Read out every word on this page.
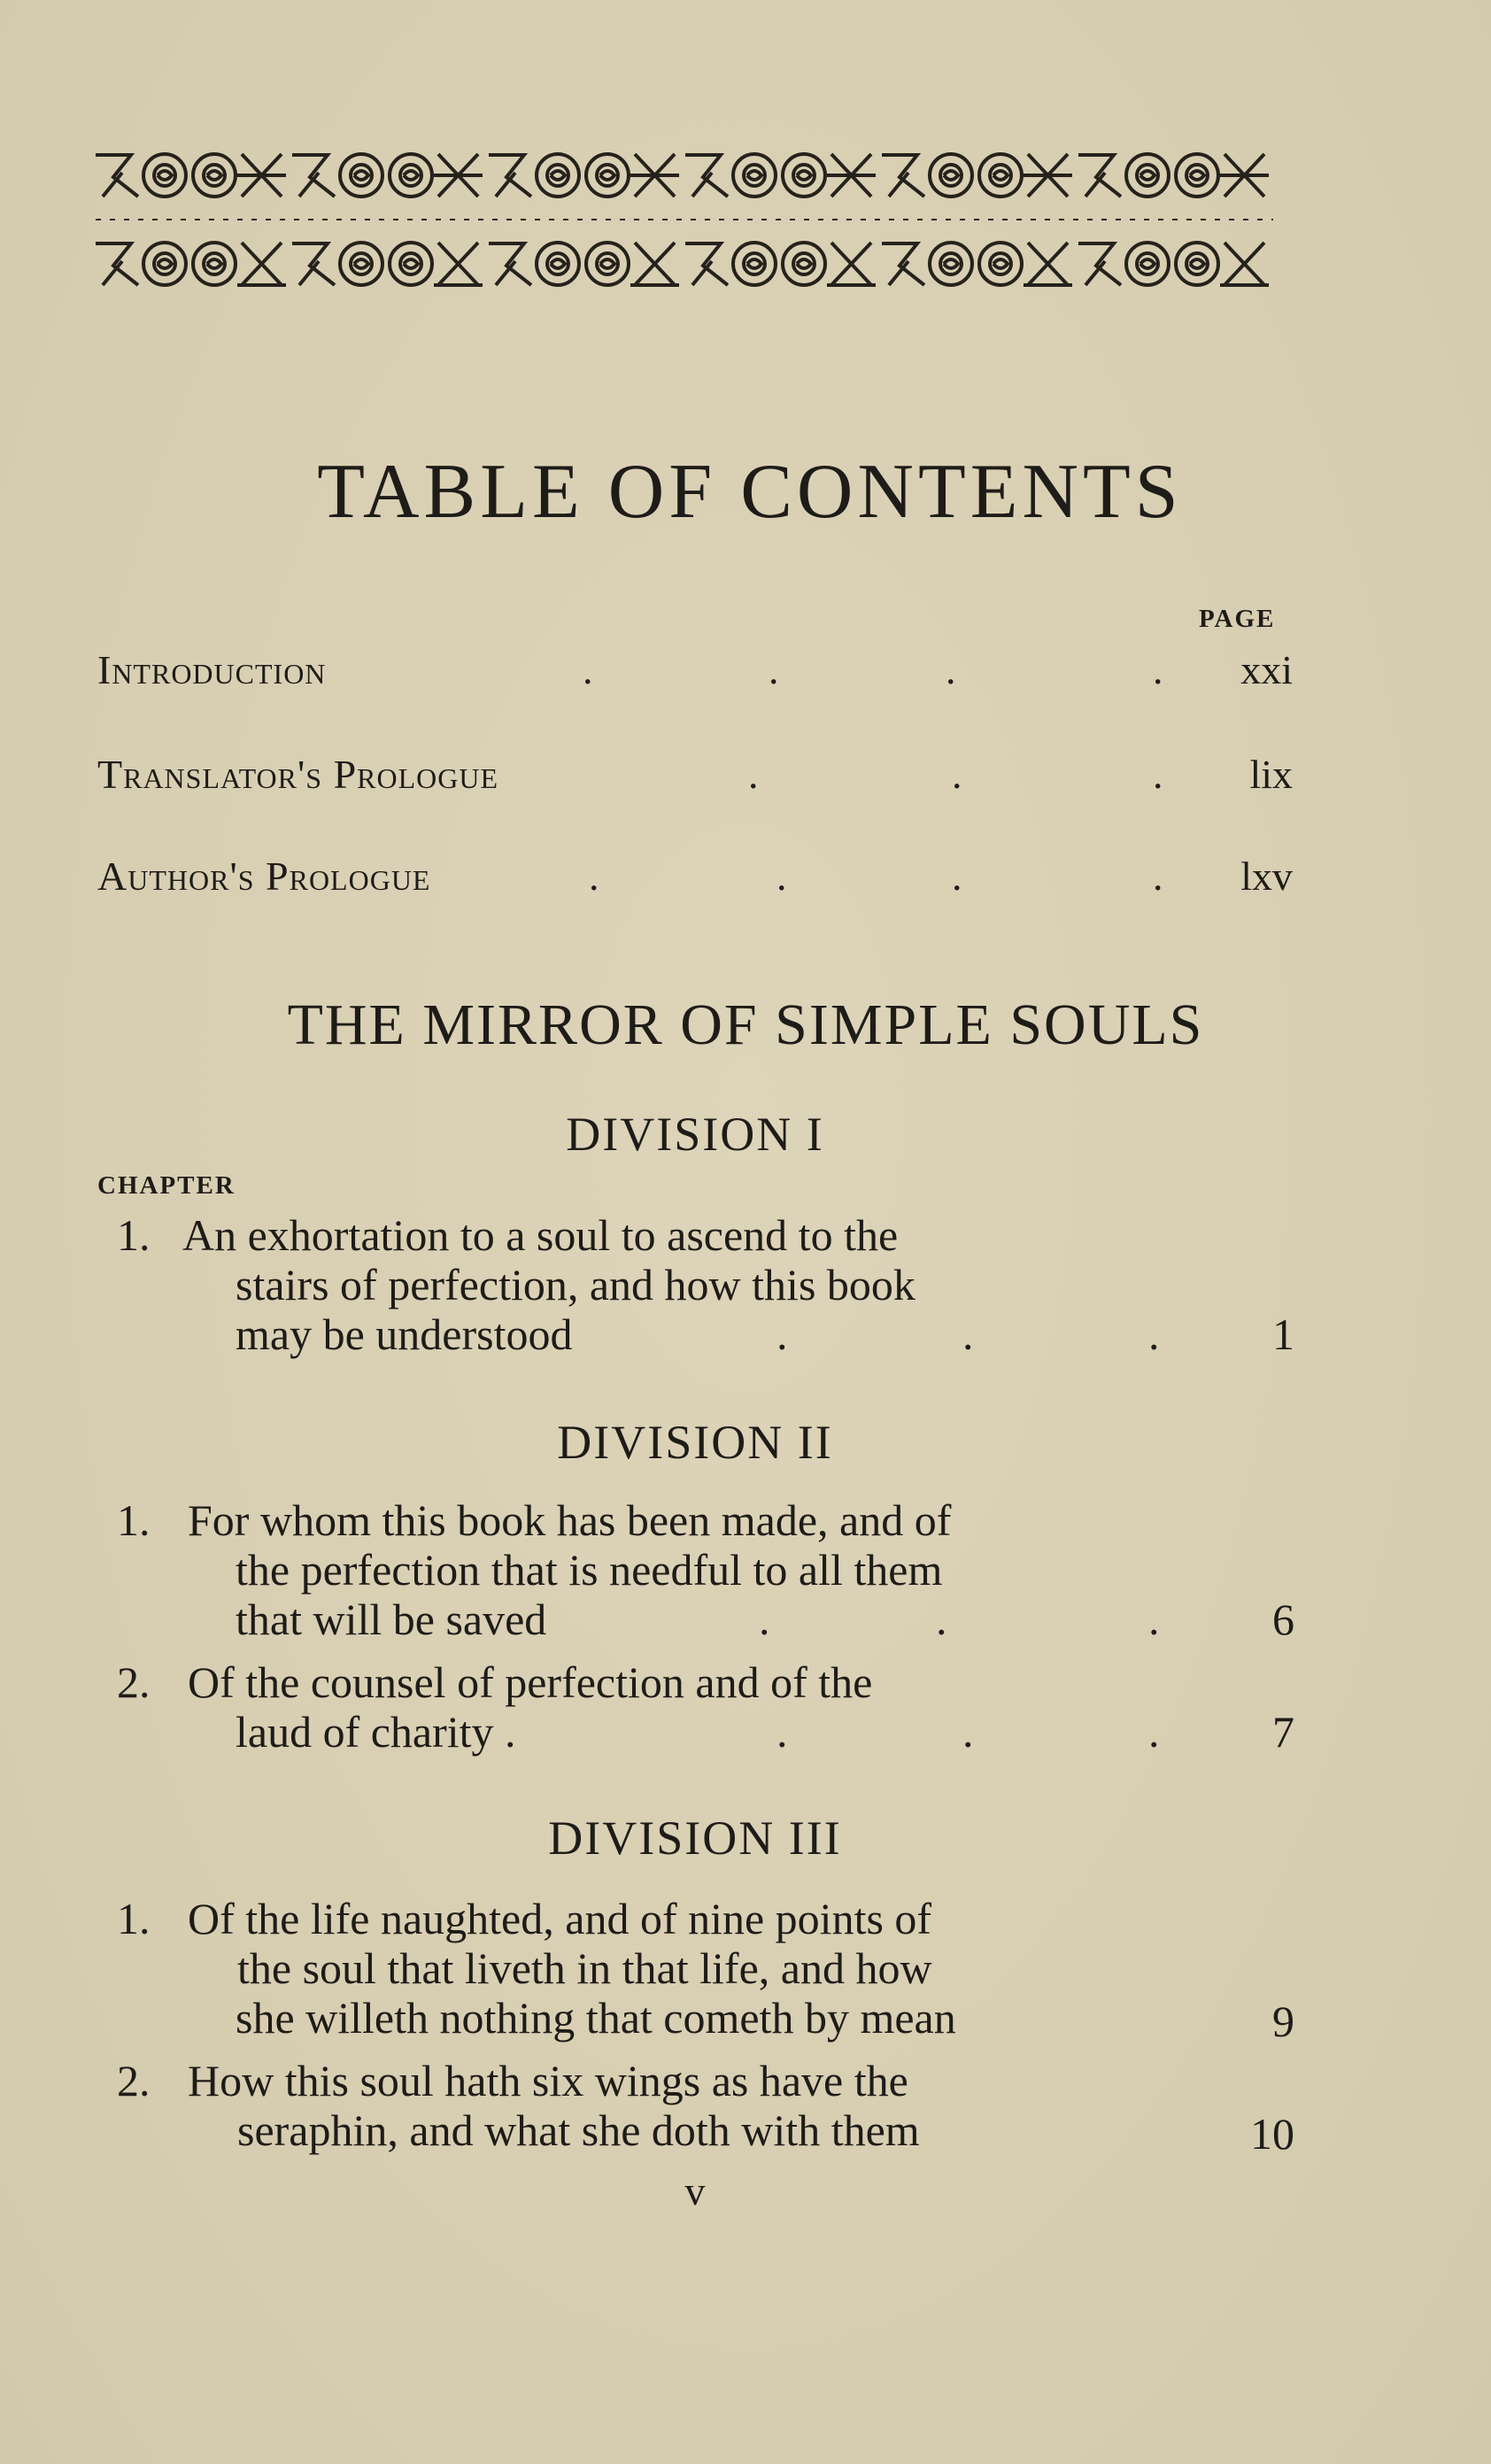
TABLE OF CONTENTS
PAGE
Introduction	.	.	.	. xxi
Translator's Prologue	.	.	. lix
Author's Prologue	.	.	.	. lxv
THE MIRROR OF SIMPLE SOULS
DIVISION I
CHAPTER
1. An exhortation to a soul to ascend to the
stairs of perfection, and how this book
may be understood	.	.	.	1
DIVISION II
1. For whom this book has been made, and of
the perfection that is needful to all them
that will be saved	.	.	.	6
2. Of the counsel of perfection and of the
laud of charity .	.	.	.	7
DIVISION III
1. Of the life naughted, and of nine points of
the soul that liveth in that life, and how
she willeth nothing that cometh by mean	9
2. How this soul hath six wings as have the
seraphin, and what she doth with them	10
v
